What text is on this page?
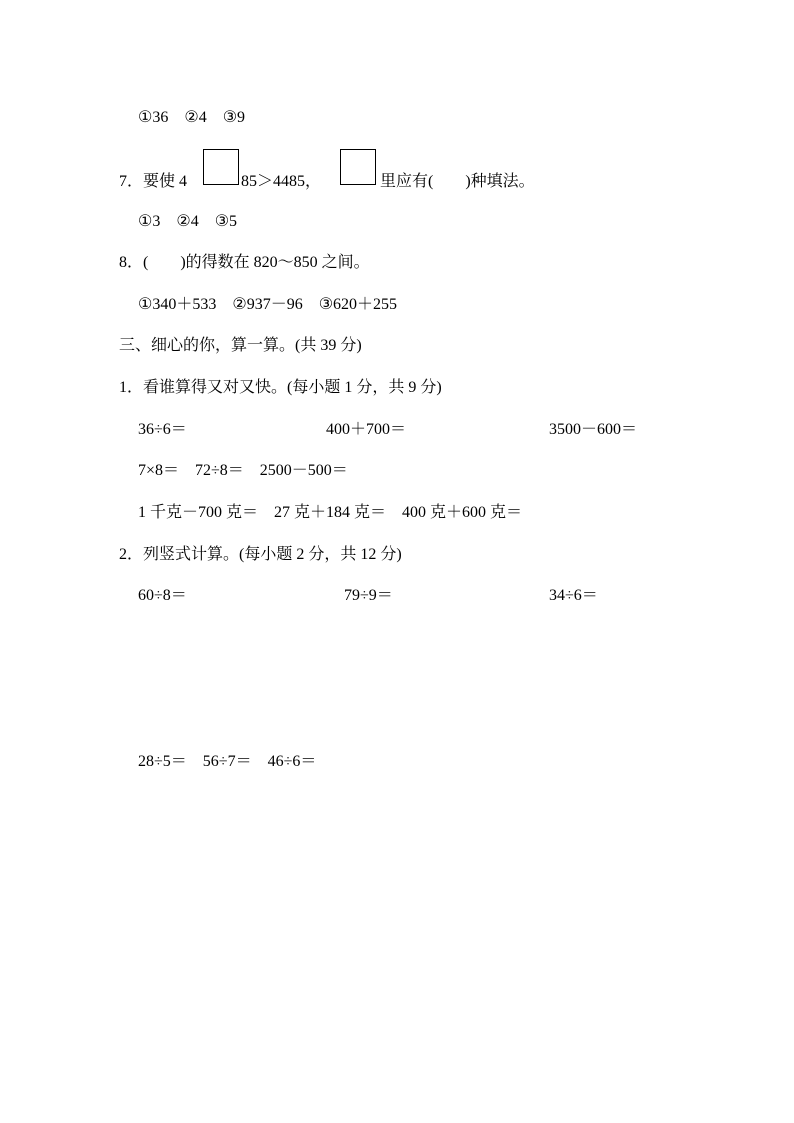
①36　②4　③9
7．要使 4	85＞4485，	里应有(　　)种填法。
①3　②4　③5
8．(　　)的得数在 820～850 之间。
①340＋533　②937－96　③620＋255
三、细心的你，算一算。(共 39 分)
1．看谁算得又对又快。(每小题 1 分，共 9 分)
36÷6＝	400＋700＝	3500－600＝
7×8＝　72÷8＝　2500－500＝
1 千克－700 克＝　27 克＋184 克＝　400 克＋600 克＝
2．列竖式计算。(每小题 2 分，共 12 分)
60÷8＝	79÷9＝	34÷6＝
28÷5＝　56÷7＝　46÷6＝
